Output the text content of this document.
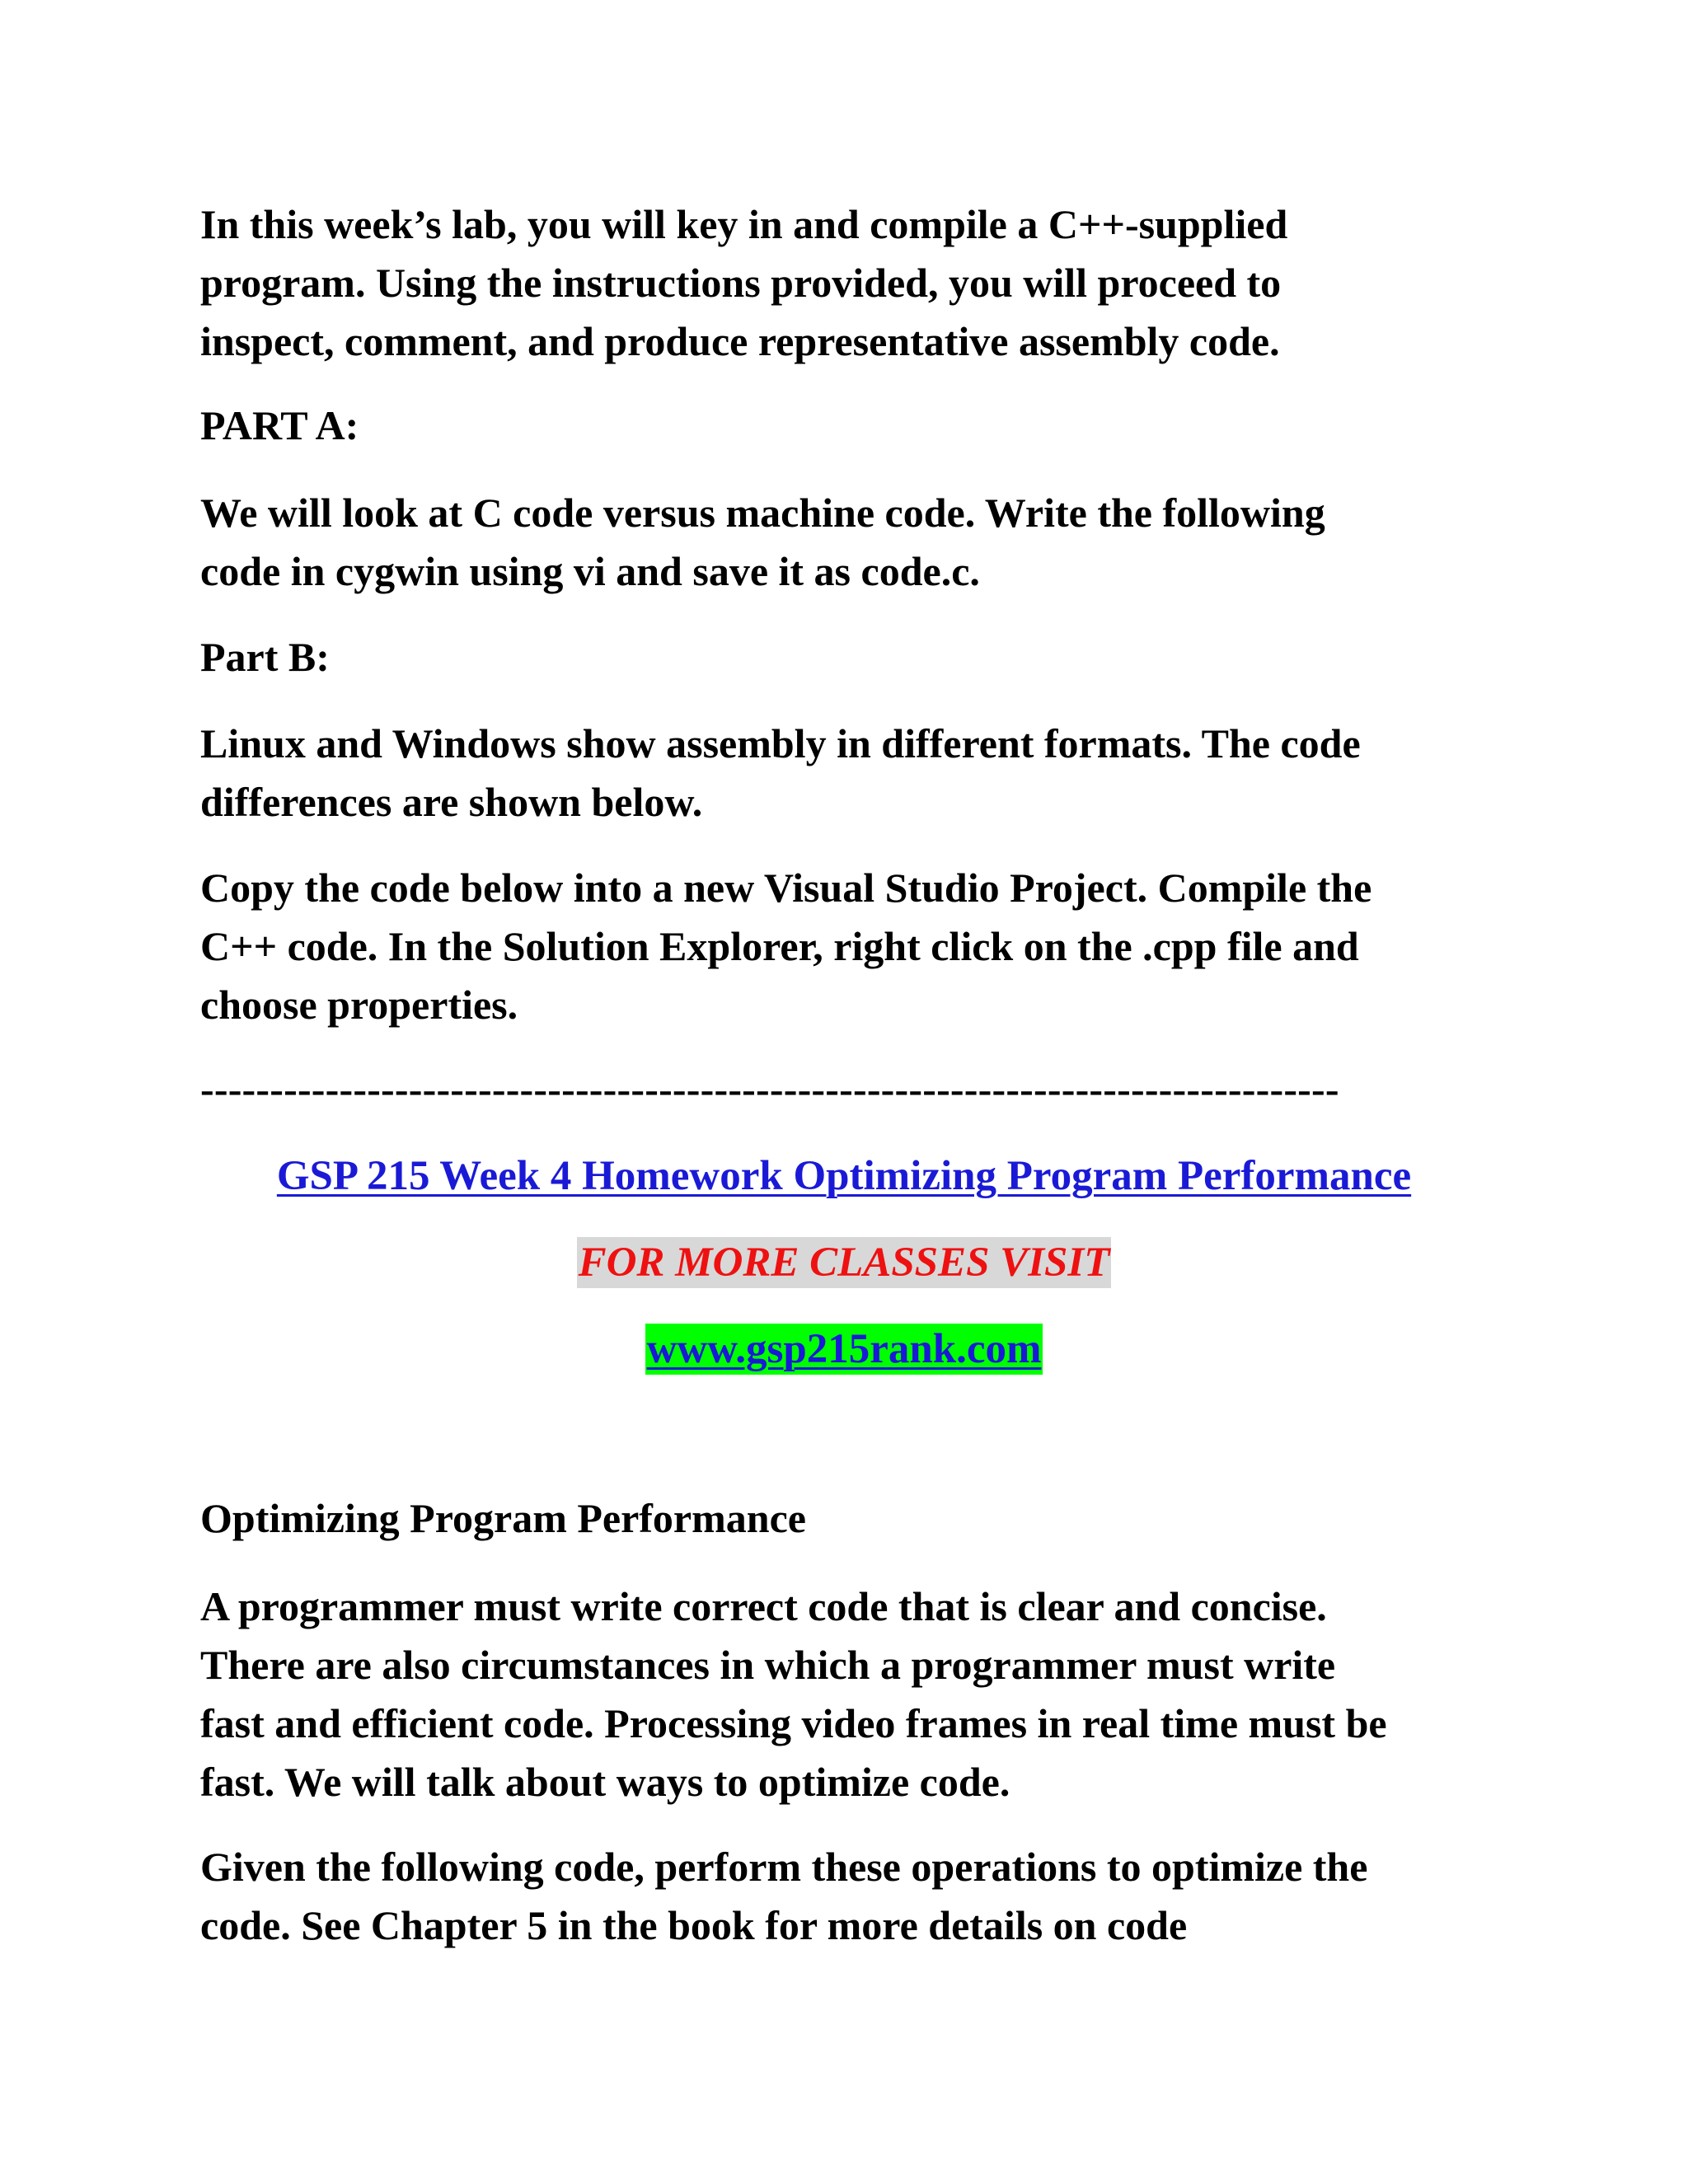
In this week’s lab, you will key in and compile a C++-supplied
program. Using the instructions provided, you will proceed to
inspect, comment, and produce representative assembly code.

PART A:

We will look at C code versus machine code. Write the following
code in cygwin using vi and save it as code.c.

Part B:

Linux and Windows show assembly in different formats. The code
differences are shown below.

Copy the code below into a new Visual Studio Project. Compile the
C++ code. In the Solution Explorer, right click on the .cpp file and
choose properties.

----------------------------------------------------------------------------------

GSP 215 Week 4 Homework Optimizing Program Performance

FOR MORE CLASSES VISIT

www.gsp215rank.com

Optimizing Program Performance

A programmer must write correct code that is clear and concise.
There are also circumstances in which a programmer must write
fast and efficient code. Processing video frames in real time must be
fast. We will talk about ways to optimize code.

Given the following code, perform these operations to optimize the
code. See Chapter 5 in the book for more details on code
